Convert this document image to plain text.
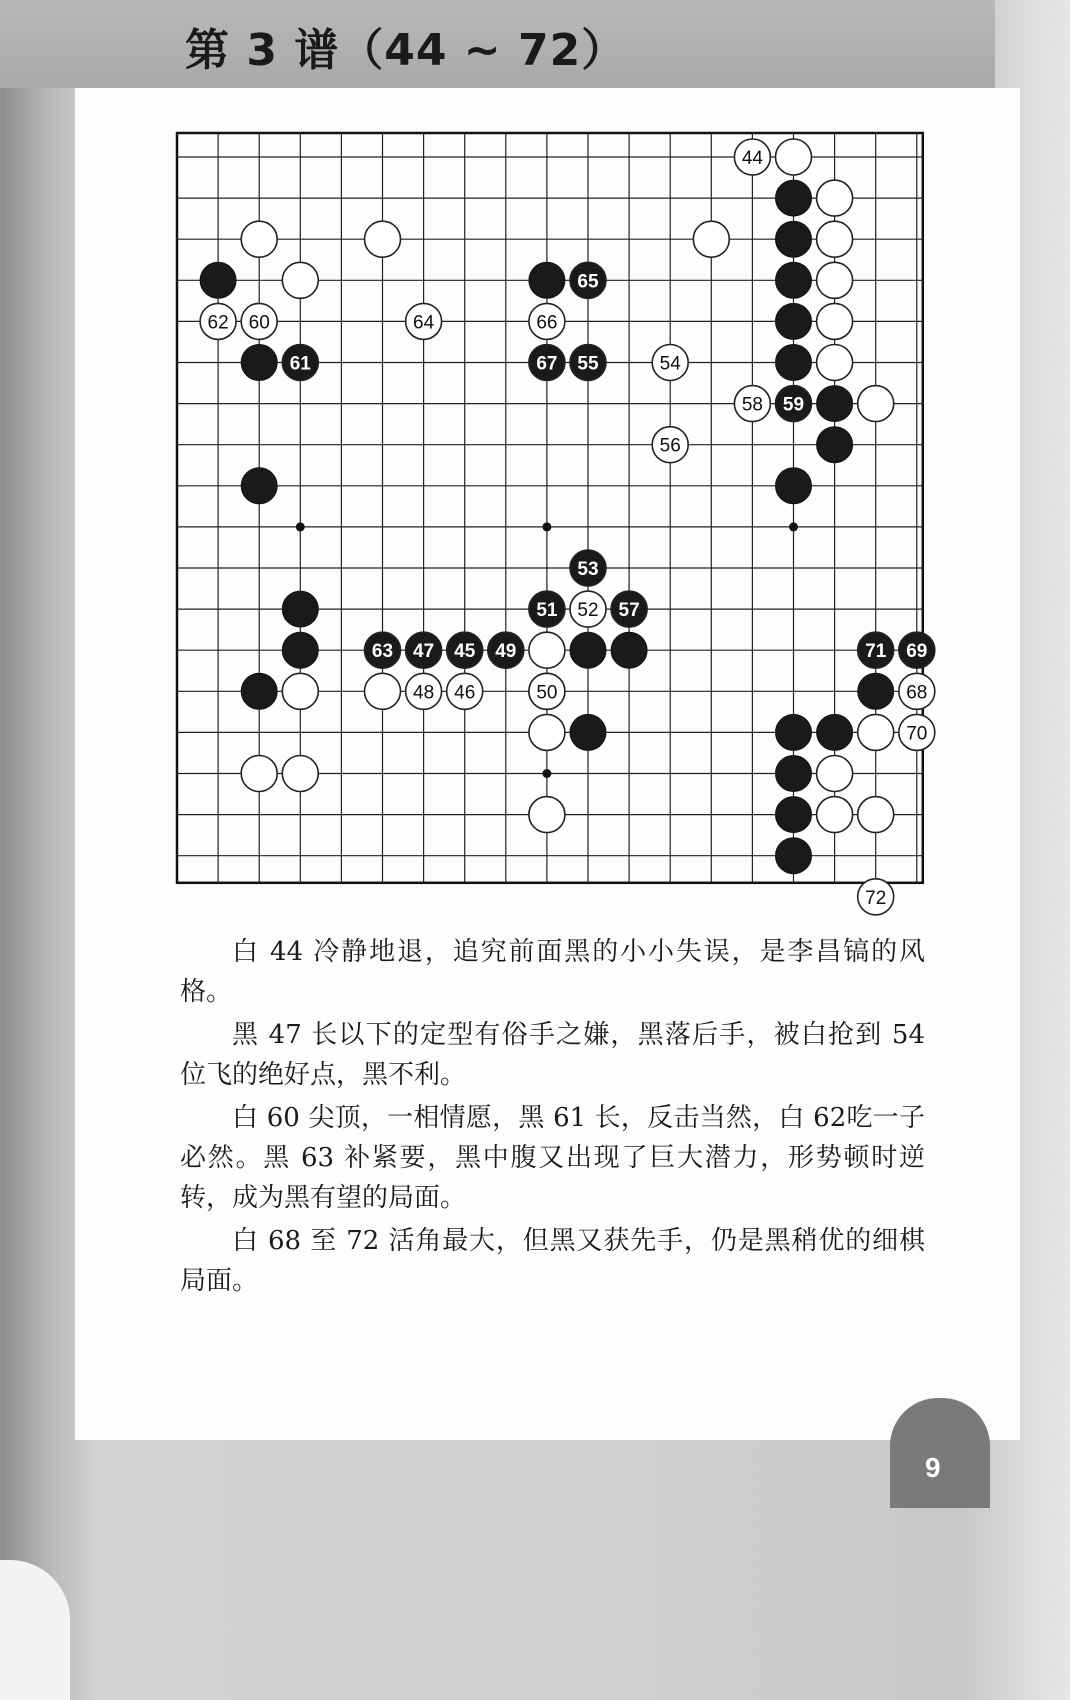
第 3 谱（44 ~ 72）
44
45
46
47
48
49
50
51 52
53
54
55
56
57
58 59
60
61
62
63
64
65
66
67
68
69
70
71
72

白 44 冷静地退，追究前面黑的小小失误，是李昌镐的风格。

黑 47 长以下的定型有俗手之嫌，黑落后手，被白抢到 54 位飞的绝好点，黑不利。

白 60 尖顶，一相情愿，黑 61 长，反击当然，白 62吃一子必然。黑 63 补紧要，黑中腹又出现了巨大潜力，形势顿时逆转，成为黑有望的局面。

白 68 至 72 活角最大，但黑又获先手，仍是黑稍优的细棋局面。

9
